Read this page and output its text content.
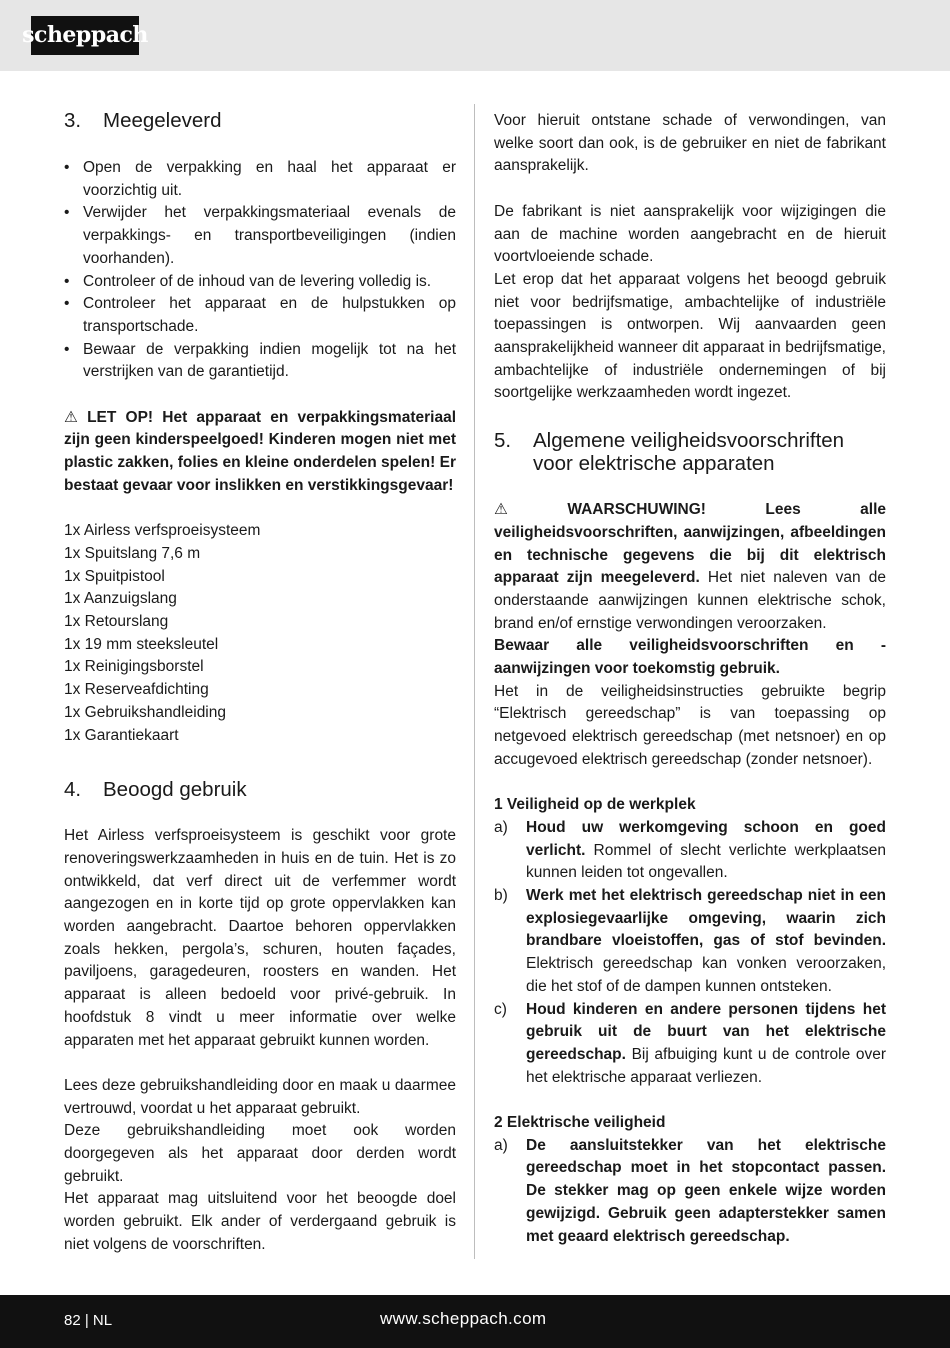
scheppach
3.	Meegeleverd
• Open de verpakking en haal het apparaat er voorzichtig uit.
• Verwijder het verpakkingsmateriaal evenals de verpakkings- en transportbeveiligingen (indien voorhanden).
• Controleer of de inhoud van de levering volledig is.
• Controleer het apparaat en de hulpstukken op transportschade.
• Bewaar de verpakking indien mogelijk tot na het verstrijken van de garantietijd.

⚠ LET OP! Het apparaat en verpakkingsmateriaal zijn geen kinderspeelgoed! Kinderen mogen niet met plastic zakken, folies en kleine onderdelen spelen! Er bestaat gevaar voor inslikken en verstikkingsgevaar!

1x Airless verfsproeisysteem
1x Spuitslang 7,6 m
1x Spuitpistool
1x Aanzuigslang
1x Retourslang
1x 19 mm steeksleutel
1x Reinigingsborstel
1x Reserveafdichting
1x Gebruikshandleiding
1x Garantiekaart
4.	Beoogd gebruik

Het Airless verfsproeisysteem is geschikt voor grote renoveringswerkzaamheden in huis en de tuin. Het is zo ontwikkeld, dat verf direct uit de verfemmer wordt aangezogen en in korte tijd op grote oppervlakken kan worden aangebracht. Daartoe behoren oppervlakken zoals hekken, pergola’s, schuren, houten façades, paviljoens, garagedeuren, roosters en wanden. Het apparaat is alleen bedoeld voor privé-gebruik. In hoofdstuk 8 vindt u meer informatie over welke apparaten met het apparaat gebruikt kunnen worden.

Lees deze gebruikshandleiding door en maak u daarmee vertrouwd, voordat u het apparaat gebruikt.

Deze gebruikshandleiding moet ook worden doorgegeven als het apparaat door derden wordt gebruikt.

Het apparaat mag uitsluitend voor het beoogde doel worden gebruikt. Elk ander of verdergaand gebruik is niet volgens de voorschriften.

Voor hieruit ontstane schade of verwondingen, van welke soort dan ook, is de gebruiker en niet de fabrikant aansprakelijk.

De fabrikant is niet aansprakelijk voor wijzigingen die aan de machine worden aangebracht en de hieruit voortvloeiende schade.

Let erop dat het apparaat volgens het beoogd gebruik niet voor bedrijfsmatige, ambachtelijke of industriële toepassingen is ontworpen. Wij aanvaarden geen aansprakelijkheid wanneer dit apparaat in bedrijfsmatige, ambachtelijke of industriële ondernemingen of bij soortgelijke werkzaamheden wordt ingezet.

5.	Algemene veiligheidsvoorschriften voor elektrische apparaten

⚠	WAARSCHUWING! Lees alle veiligheidsvoorschriften, aanwijzingen, afbeeldingen en technische gegevens die bij dit elektrisch apparaat zijn meegeleverd. Het niet naleven van de onderstaande aanwijzingen kunnen elektrische schok, brand en/of ernstige verwondingen veroorzaken.

Bewaar alle veiligheidsvoorschriften en -aanwijzingen voor toekomstig gebruik.

Het in de veiligheidsinstructies gebruikte begrip “Elektrisch gereedschap” is van toepassing op netgevoed elektrisch gereedschap (met netsnoer) en op accugevoed elektrisch gereedschap (zonder netsnoer).

1 Veiligheid op de werkplek
a) Houd uw werkomgeving schoon en goed verlicht. Rommel of slecht verlichte werkplaatsen kunnen leiden tot ongevallen.
b) Werk met het elektrisch gereedschap niet in een explosiegevaarlijke omgeving, waarin zich brandbare vloeistoffen, gas of stof bevinden. Elektrisch gereedschap kan vonken veroorzaken, die het stof of de dampen kunnen ontsteken.
c) Houd kinderen en andere personen tijdens het gebruik uit de buurt van het elektrische gereedschap. Bij afbuiging kunt u de controle over het elektrische apparaat verliezen.
2 Elektrische veiligheid
a) De aansluitstekker van het elektrische gereedschap moet in het stopcontact passen. De stekker mag op geen enkele wijze worden gewijzigd. Gebruik geen adapterstekker samen met geaard elektrisch gereedschap.
82 | NL	www.scheppach.com
